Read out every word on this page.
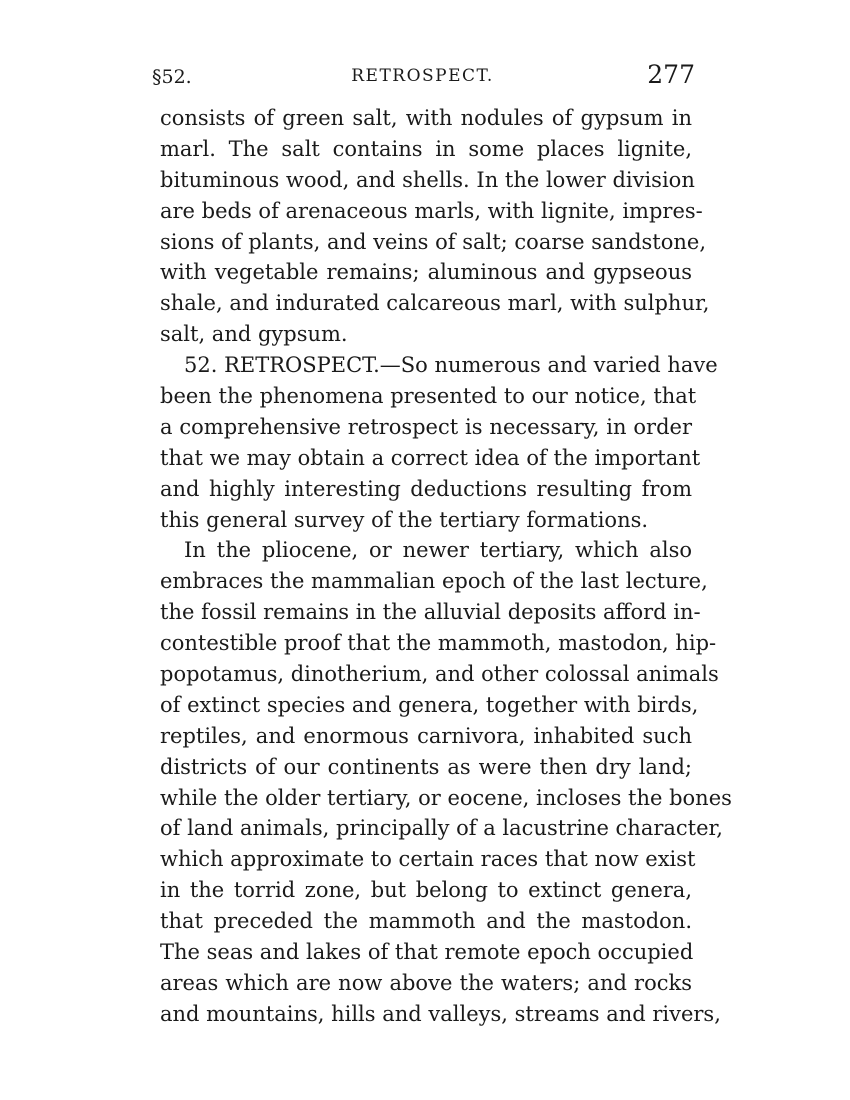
§52.	RETROSPECT.	277
consists of green salt, with nodules of gypsum in
marl. The salt contains in some places lignite,
bituminous wood, and shells. In the lower division
are beds of arenaceous marls, with lignite, impres-
sions of plants, and veins of salt; coarse sandstone,
with vegetable remains; aluminous and gypseous
shale, and indurated calcareous marl, with sulphur,
salt, and gypsum.
52. RETROSPECT.—So numerous and varied have
been the phenomena presented to our notice, that
a comprehensive retrospect is necessary, in order
that we may obtain a correct idea of the important
and highly interesting deductions resulting from
this general survey of the tertiary formations.
In the pliocene, or newer tertiary, which also
embraces the mammalian epoch of the last lecture,
the fossil remains in the alluvial deposits afford in-
contestible proof that the mammoth, mastodon, hip-
popotamus, dinotherium, and other colossal animals
of extinct species and genera, together with birds,
reptiles, and enormous carnivora, inhabited such
districts of our continents as were then dry land;
while the older tertiary, or eocene, incloses the bones
of land animals, principally of a lacustrine character,
which approximate to certain races that now exist
in the torrid zone, but belong to extinct genera,
that preceded the mammoth and the mastodon.
The seas and lakes of that remote epoch occupied
areas which are now above the waters; and rocks
and mountains, hills and valleys, streams and rivers,
